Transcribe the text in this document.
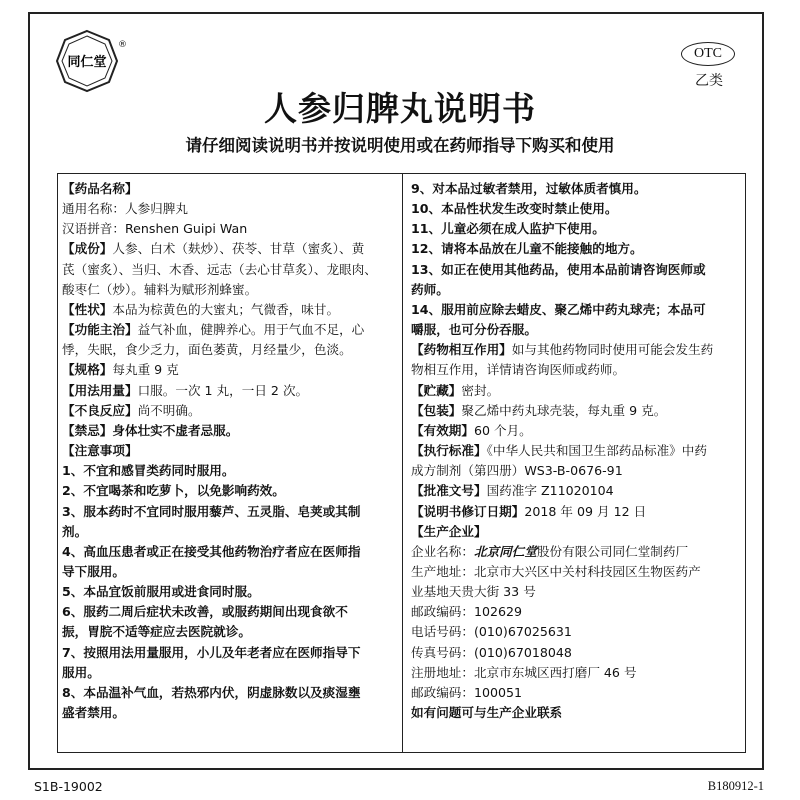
同仁堂
®
OTC
乙类
人参归脾丸说明书
请仔细阅读说明书并按说明使用或在药师指导下购买和使用

【药品名称】

通用名称：人参归脾丸

汉语拼音：Renshen Guipi Wan

【成份】人参、白术（麸炒）、茯苓、甘草（蜜炙）、黄

芪（蜜炙）、当归、木香、远志（去心甘草炙）、龙眼肉、

酸枣仁（炒）。辅料为赋形剂蜂蜜。

【性状】本品为棕黄色的大蜜丸；气微香，味甘。

【功能主治】益气补血，健脾养心。用于气血不足，心

悸，失眠，食少乏力，面色萎黄，月经量少，色淡。

【规格】每丸重 9 克

【用法用量】口服。一次 1 丸，一日 2 次。

【不良反应】尚不明确。

【禁忌】身体壮实不虚者忌服。

【注意事项】

1、不宜和感冒类药同时服用。

2、不宜喝茶和吃萝卜，以免影响药效。

3、服本药时不宜同时服用藜芦、五灵脂、皂荚或其制

剂。

4、高血压患者或正在接受其他药物治疗者应在医师指

导下服用。

5、本品宜饭前服用或进食同时服。

6、服药二周后症状未改善，或服药期间出现食欲不

振，胃脘不适等症应去医院就诊。

7、按照用法用量服用，小儿及年老者应在医师指导下

服用。

8、本品温补气血，若热邪内伏，阴虚脉数以及痰湿壅

盛者禁用。

9、对本品过敏者禁用，过敏体质者慎用。

10、本品性状发生改变时禁止使用。

11、儿童必须在成人监护下使用。

12、请将本品放在儿童不能接触的地方。

13、如正在使用其他药品，使用本品前请咨询医师或

药师。

14、服用前应除去蜡皮、聚乙烯中药丸球壳；本品可

嚼服，也可分份吞服。

【药物相互作用】如与其他药物同时使用可能会发生药

物相互作用，详情请咨询医师或药师。

【贮藏】密封。

【包装】聚乙烯中药丸球壳装，每丸重 9 克。

【有效期】60 个月。

【执行标准】《中华人民共和国卫生部药品标准》中药

成方制剂（第四册）WS3-B-0676-91

【批准文号】国药准字 Z11020104

【说明书修订日期】2018 年 09 月 12 日

【生产企业】

企业名称：北京同仁堂股份有限公司同仁堂制药厂

生产地址：北京市大兴区中关村科技园区生物医药产

业基地天贵大街 33 号

邮政编码：102629

电话号码：(010)67025631

传真号码：(010)67018048

注册地址：北京市东城区西打磨厂 46 号

邮政编码：100051

如有问题可与生产企业联系

S1B-19002	B180912-1
